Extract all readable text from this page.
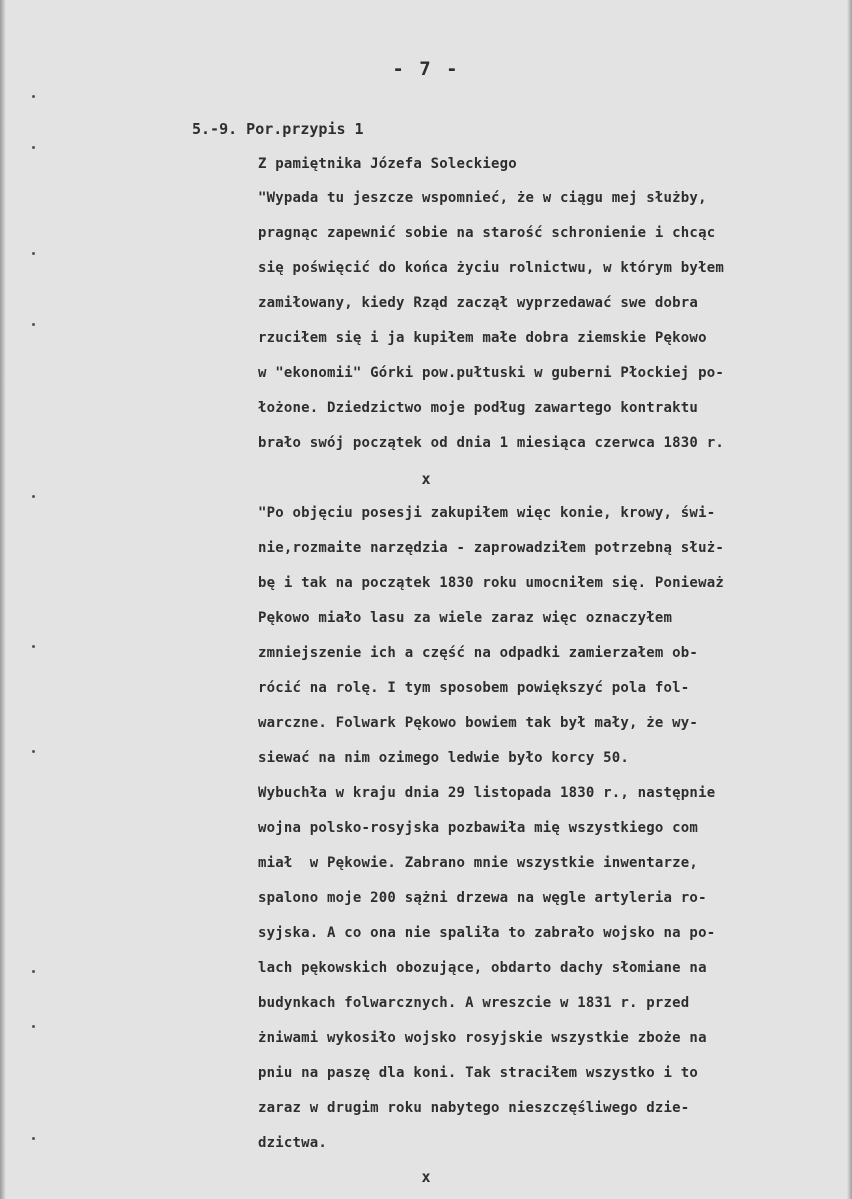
- 7 -
5.-9. Por.przypis 1
Z pamiętnika Józefa Soleckiego
"Wypada tu jeszcze wspomnieć, że w ciągu mej służby,
pragnąc zapewnić sobie na starość schronienie i chcąc
się poświęcić do końca życiu rolnictwu, w którym byłem
zamiłowany, kiedy Rząd zaczął wyprzedawać swe dobra
rzuciłem się i ja kupiłem małe dobra ziemskie Pękowo
w "ekonomii" Górki pow.pułtuski w guberni Płockiej po-
łożone. Dziedzictwo moje podług zawartego kontraktu
brało swój początek od dnia 1 miesiąca czerwca 1830 r.
x
"Po objęciu posesji zakupiłem więc konie, krowy, świ-
nie,rozmaite narzędzia - zaprowadziłem potrzebną służ-
bę i tak na początek 1830 roku umocniłem się. Ponieważ
Pękowo miało lasu za wiele zaraz więc oznaczyłem
zmniejszenie ich a część na odpadki zamierzałem ob-
rócić na rolę. I tym sposobem powiększyć pola fol-
warczne. Folwark Pękowo bowiem tak był mały, że wy-
siewać na nim ozimego ledwie było korcy 50.
Wybuchła w kraju dnia 29 listopada 1830 r., następnie
wojna polsko-rosyjska pozbawiła mię wszystkiego com
miał  w Pękowie. Zabrano mnie wszystkie inwentarze,
spalono moje 200 sążni drzewa na węgle artyleria ro-
syjska. A co ona nie spaliła to zabrało wojsko na po-
lach pękowskich obozujące, obdarto dachy słomiane na
budynkach folwarcznych. A wreszcie w 1831 r. przed
żniwami wykosiło wojsko rosyjskie wszystkie zboże na
pniu na paszę dla koni. Tak straciłem wszystko i to
zaraz w drugim roku nabytego nieszczęśliwego dzie-
dzictwa.
x
